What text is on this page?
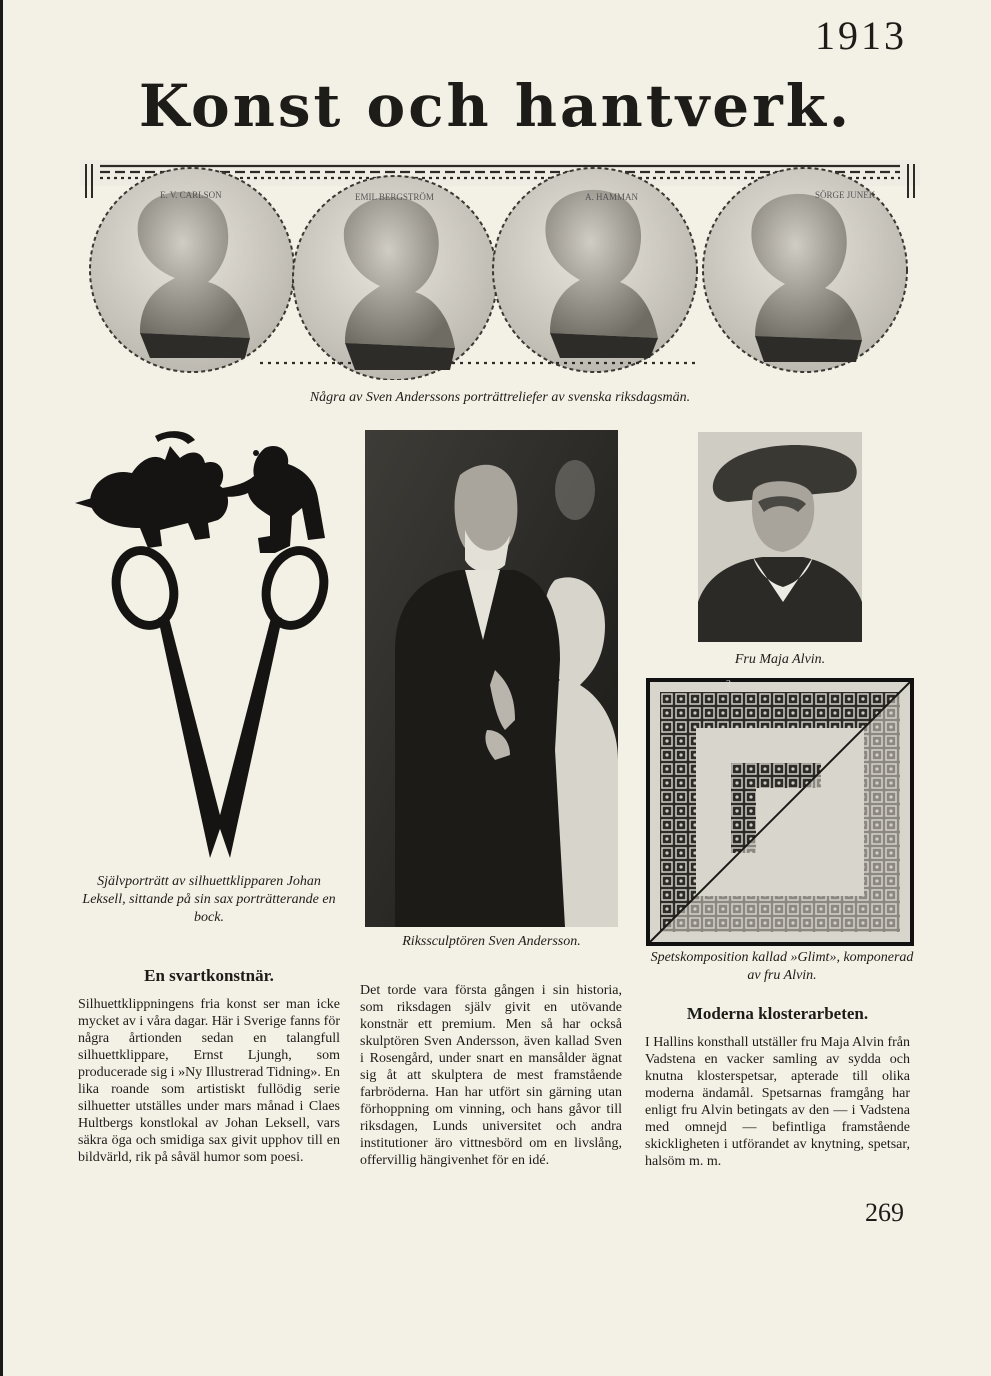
1913
Konst och hantverk.
E. V. CARLSON	EMIL BERGSTRÖM	A. HAMMAN	SÖRGE JUNEK
Några av Sven Anderssons porträttreliefer av svenska riksdagsmän.
Självporträtt av silhuettklipparen Johan Leksell, sittande på sin sax porträtterande en bock.
Rikssculptören Sven Andersson.
Fru Maja Alvin.
2
Spetskomposition kallad »Glimt», komponerad av fru Alvin.
En svartkonstnär.
Silhuettklippningens fria konst ser man icke mycket av i våra dagar. Här i Sverige fanns för några årtionden sedan en talangfull silhuettklippare, Ernst Ljungh, som producerade sig i »Ny Illustrerad Tidning». En lika roande som artistiskt fullödig serie silhuetter utställes under mars månad i Claes Hultbergs konstlokal av Johan Leksell, vars säkra öga och smidiga sax givit upphov till en bildvärld, rik på såväl humor som poesi.
Det torde vara första gången i sin historia, som riksdagen själv givit en utövande konstnär ett premium. Men så har också skulptören Sven Andersson, även kallad Sven i Rosengård, under snart en mansålder ägnat sig åt att skulptera de mest framstående farbröderna. Han har utfört sin gärning utan förhoppning om vinning, och hans gåvor till riksdagen, Lunds universitet och andra institutioner äro vittnesbörd om en livslång, offervillig hängivenhet för en idé.
Moderna klosterarbeten.
I Hallins konsthall utställer fru Maja Alvin från Vadstena en vacker samling av sydda och knutna klosterspetsar, apterade till olika moderna ändamål. Spetsarnas framgång har enligt fru Alvin betingats av den — i Vadstena med omnejd — befintliga framstående skickligheten i utförandet av knytning, spetsar, halsöm m. m.
269
